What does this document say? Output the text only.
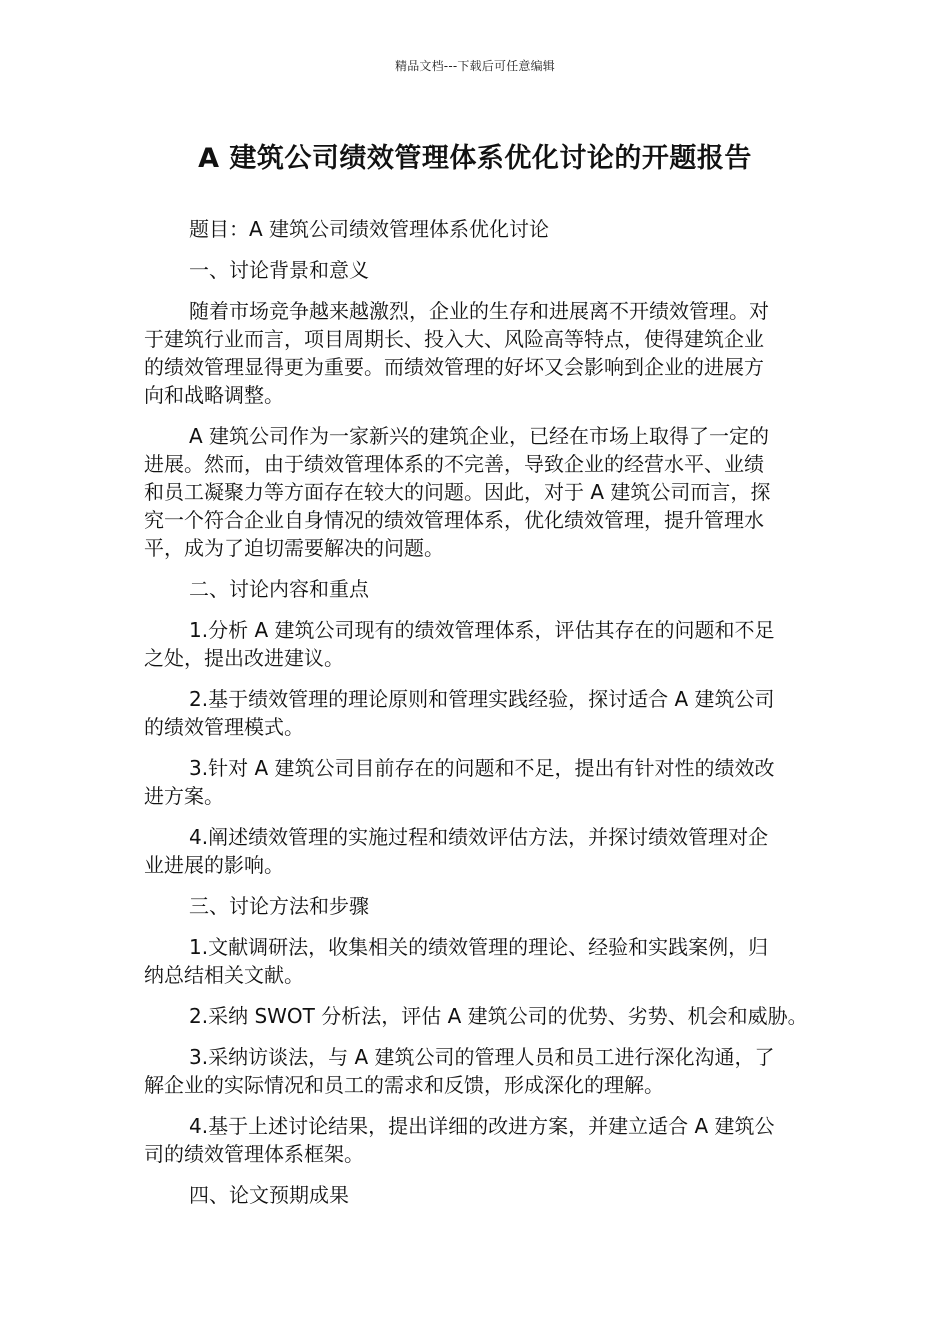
精品文档---下载后可任意编辑
A 建筑公司绩效管理体系优化讨论的开题报告
题目：A 建筑公司绩效管理体系优化讨论
一、讨论背景和意义
随着市场竞争越来越激烈，企业的生存和进展离不开绩效管理。对
于建筑行业而言，项目周期长、投入大、风险高等特点，使得建筑企业
的绩效管理显得更为重要。而绩效管理的好坏又会影响到企业的进展方
向和战略调整。
A 建筑公司作为一家新兴的建筑企业，已经在市场上取得了一定的
进展。然而，由于绩效管理体系的不完善，导致企业的经营水平、业绩
和员工凝聚力等方面存在较大的问题。因此，对于 A 建筑公司而言，探
究一个符合企业自身情况的绩效管理体系，优化绩效管理，提升管理水
平，成为了迫切需要解决的问题。
二、讨论内容和重点
1.分析 A 建筑公司现有的绩效管理体系，评估其存在的问题和不足
之处，提出改进建议。
2.基于绩效管理的理论原则和管理实践经验，探讨适合 A 建筑公司
的绩效管理模式。
3.针对 A 建筑公司目前存在的问题和不足，提出有针对性的绩效改
进方案。
4.阐述绩效管理的实施过程和绩效评估方法，并探讨绩效管理对企
业进展的影响。
三、讨论方法和步骤
1.文献调研法，收集相关的绩效管理的理论、经验和实践案例，归
纳总结相关文献。
2.采纳 SWOT 分析法，评估 A 建筑公司的优势、劣势、机会和威胁。
3.采纳访谈法，与 A 建筑公司的管理人员和员工进行深化沟通，了
解企业的实际情况和员工的需求和反馈，形成深化的理解。
4.基于上述讨论结果，提出详细的改进方案，并建立适合 A 建筑公
司的绩效管理体系框架。
四、论文预期成果
